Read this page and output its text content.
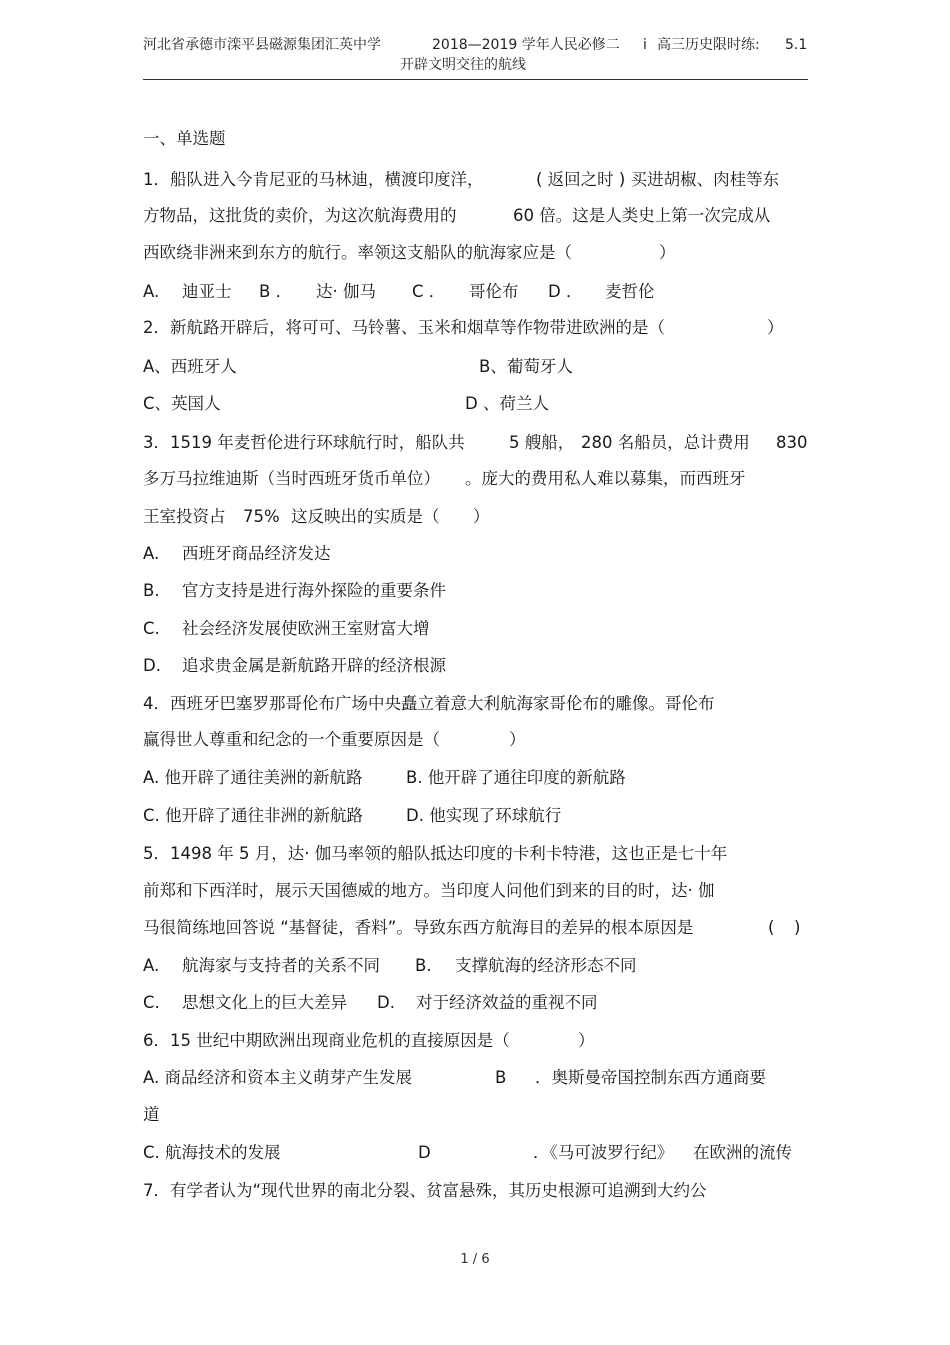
河北省承德市滦平县磁源集团汇英中学	2018—2019 学年人民必修二 i 高三历史限时练: 5.1
开辟文明交往的航线
一、单选题
1．船队进入今肯尼亚的马林迪，横渡印度洋，	( 返回之时 ) 买进胡椒、肉桂等东
方物品，这批货的卖价，为这次航海费用的	60 倍。这是人类史上第一次完成从
西欧绕非洲来到东方的航行。率领这支船队的航海家应是（	）
A. 迪亚士 B ． 达· 伽马 C ． 哥伦布 D ． 麦哲伦
2．新航路开辟后，将可可、马铃薯、玉米和烟草等作物带进欧洲的是（	）
A、西班牙人	B、葡萄牙人
C、英国人	D 、荷兰人
3．1519 年麦哲伦进行环球航行时，船队共	5 艘船， 280 名船员，总计费用 830
多万马拉维迪斯（当时西班牙货币单位） 。庞大的费用私人难以募集，而西班牙
王室投资占 75% 这反映出的实质是（ ）
A. 西班牙商品经济发达
B. 官方支持是进行海外探险的重要条件
C. 社会经济发展使欧洲王室财富大增
D. 追求贵金属是新航路开辟的经济根源
4．西班牙巴塞罗那哥伦布广场中央矗立着意大利航海家哥伦布的雕像。哥伦布
赢得世人尊重和纪念的一个重要原因是（	）
A. 他开辟了通往美洲的新航路	B. 他开辟了通往印度的新航路
C. 他开辟了通往非洲的新航路	D. 他实现了环球航行
5．1498 年 5 月，达· 伽马率领的船队抵达印度的卡利卡特港，这也正是七十年
前郑和下西洋时，展示天国德威的地方。当印度人问他们到来的目的时，达· 伽
马很简练地回答说 “基督徒，香料”。导致东西方航海目的差异的根本原因是	( )
A. 航海家与支持者的关系不同 B. 支撑航海的经济形态不同
C. 思想文化上的巨大差异 D. 对于经济效益的重视不同
6．15 世纪中期欧洲出现商业危机的直接原因是（	）
A. 商品经济和资本主义萌芽产生发展	B ．奥斯曼帝国控制东西方通商要
道
C. 航海技术的发展	D	．《马可波罗行纪》 在欧洲的流传
7．有学者认为“现代世界的南北分裂、贫富悬殊，其历史根源可追溯到大约公
1 / 6
